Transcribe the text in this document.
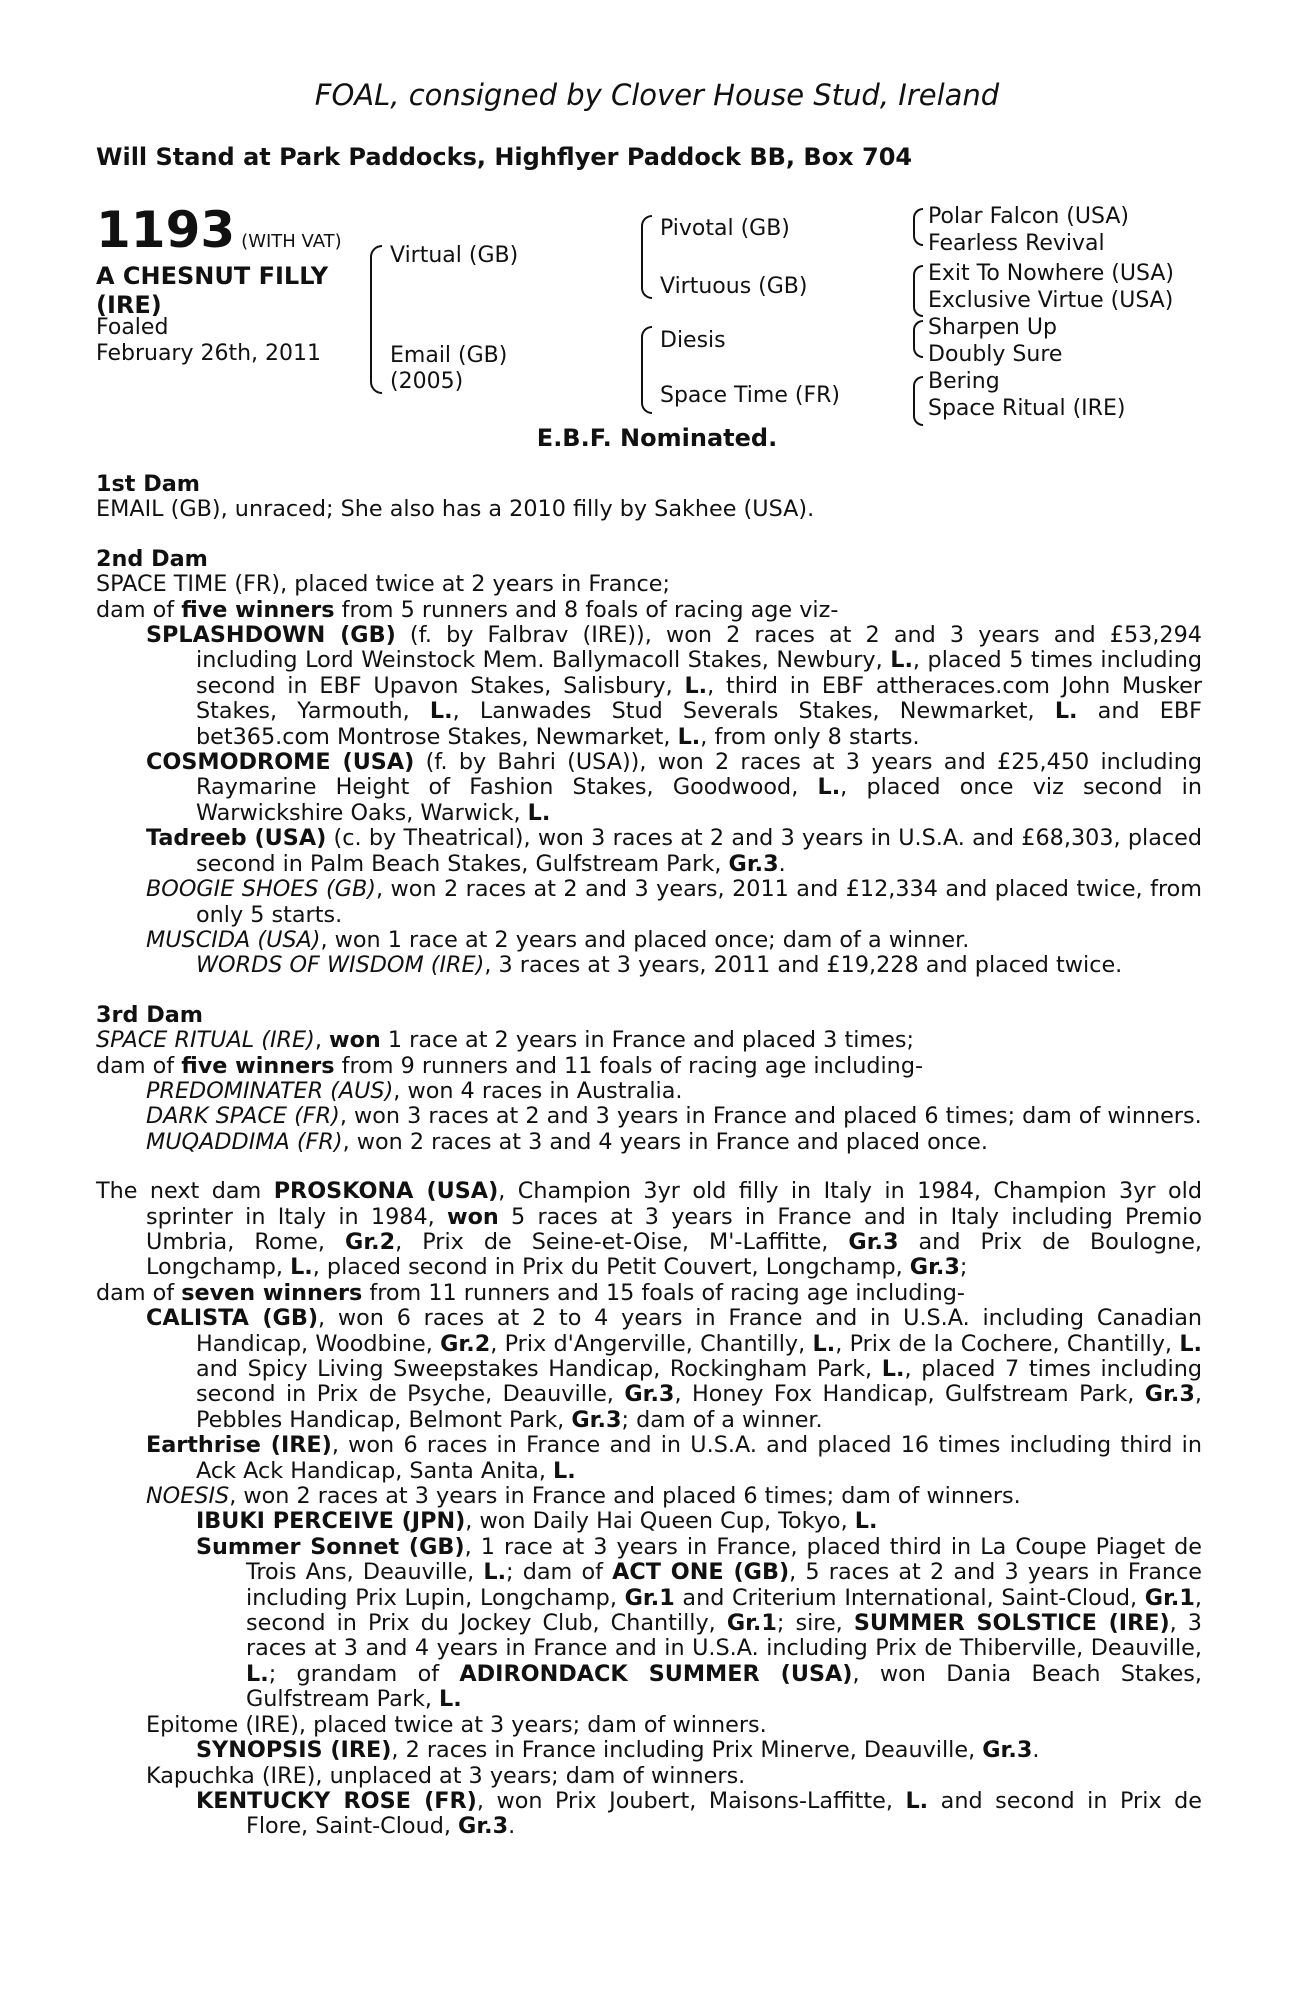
FOAL, consigned by Clover House Stud, Ireland
Will Stand at Park Paddocks, Highflyer Paddock BB, Box 704
1193 (WITH VAT)
A CHESNUT FILLY
(IRE)
Foaled
February 26th, 2011
Virtual (GB)
Email (GB)
(2005)
Pivotal (GB)
Virtuous (GB)
Diesis
Space Time (FR)
Polar Falcon (USA)
Fearless Revival
Exit To Nowhere (USA)
Exclusive Virtue (USA)
Sharpen Up
Doubly Sure
Bering
Space Ritual (IRE)
E.B.F. Nominated.

1st Dam

EMAIL (GB), unraced; She also has a 2010 filly by Sakhee (USA).

2nd Dam

SPACE TIME (FR), placed twice at 2 years in France;

dam of five winners from 5 runners and 8 foals of racing age viz-

SPLASHDOWN (GB) (f. by Falbrav (IRE)), won 2 races at 2 and 3 years and £53,294 including Lord Weinstock Mem. Ballymacoll Stakes, Newbury, L., placed 5 times including second in EBF Upavon Stakes, Salisbury, L., third in EBF attheraces.com John Musker Stakes, Yarmouth, L., Lanwades Stud Severals Stakes, Newmarket, L. and EBF bet365.com Montrose Stakes, Newmarket, L., from only 8 starts.

COSMODROME (USA) (f. by Bahri (USA)), won 2 races at 3 years and £25,450 including Raymarine Height of Fashion Stakes, Goodwood, L., placed once viz second in Warwickshire Oaks, Warwick, L.

Tadreeb (USA) (c. by Theatrical), won 3 races at 2 and 3 years in U.S.A. and £68,303, placed second in Palm Beach Stakes, Gulfstream Park, Gr.3.

BOOGIE SHOES (GB), won 2 races at 2 and 3 years, 2011 and £12,334 and placed twice, from only 5 starts.

MUSCIDA (USA), won 1 race at 2 years and placed once; dam of a winner.

WORDS OF WISDOM (IRE), 3 races at 3 years, 2011 and £19,228 and placed twice.

3rd Dam

SPACE RITUAL (IRE), won 1 race at 2 years in France and placed 3 times;

dam of five winners from 9 runners and 11 foals of racing age including-

PREDOMINATER (AUS), won 4 races in Australia.

DARK SPACE (FR), won 3 races at 2 and 3 years in France and placed 6 times; dam of winners.

MUQADDIMA (FR), won 2 races at 3 and 4 years in France and placed once.

The next dam PROSKONA (USA), Champion 3yr old filly in Italy in 1984, Champion 3yr old sprinter in Italy in 1984, won 5 races at 3 years in France and in Italy including Premio Umbria, Rome, Gr.2, Prix de Seine-et-Oise, M'-Laffitte, Gr.3 and Prix de Boulogne, Longchamp, L., placed second in Prix du Petit Couvert, Longchamp, Gr.3;

dam of seven winners from 11 runners and 15 foals of racing age including-

CALISTA (GB), won 6 races at 2 to 4 years in France and in U.S.A. including Canadian Handicap, Woodbine, Gr.2, Prix d'Angerville, Chantilly, L., Prix de la Cochere, Chantilly, L. and Spicy Living Sweepstakes Handicap, Rockingham Park, L., placed 7 times including second in Prix de Psyche, Deauville, Gr.3, Honey Fox Handicap, Gulfstream Park, Gr.3, Pebbles Handicap, Belmont Park, Gr.3; dam of a winner.

Earthrise (IRE), won 6 races in France and in U.S.A. and placed 16 times including third in Ack Ack Handicap, Santa Anita, L.

NOESIS, won 2 races at 3 years in France and placed 6 times; dam of winners.

IBUKI PERCEIVE (JPN), won Daily Hai Queen Cup, Tokyo, L.

Summer Sonnet (GB), 1 race at 3 years in France, placed third in La Coupe Piaget de Trois Ans, Deauville, L.; dam of ACT ONE (GB), 5 races at 2 and 3 years in France including Prix Lupin, Longchamp, Gr.1 and Criterium International, Saint-Cloud, Gr.1, second in Prix du Jockey Club, Chantilly, Gr.1; sire, SUMMER SOLSTICE (IRE), 3 races at 3 and 4 years in France and in U.S.A. including Prix de Thiberville, Deauville, L.; grandam of ADIRONDACK SUMMER (USA), won Dania Beach Stakes, Gulfstream Park, L.

Epitome (IRE), placed twice at 3 years; dam of winners.

SYNOPSIS (IRE), 2 races in France including Prix Minerve, Deauville, Gr.3.

Kapuchka (IRE), unplaced at 3 years; dam of winners.

KENTUCKY ROSE (FR), won Prix Joubert, Maisons-Laffitte, L. and second in Prix de Flore, Saint-Cloud, Gr.3.
